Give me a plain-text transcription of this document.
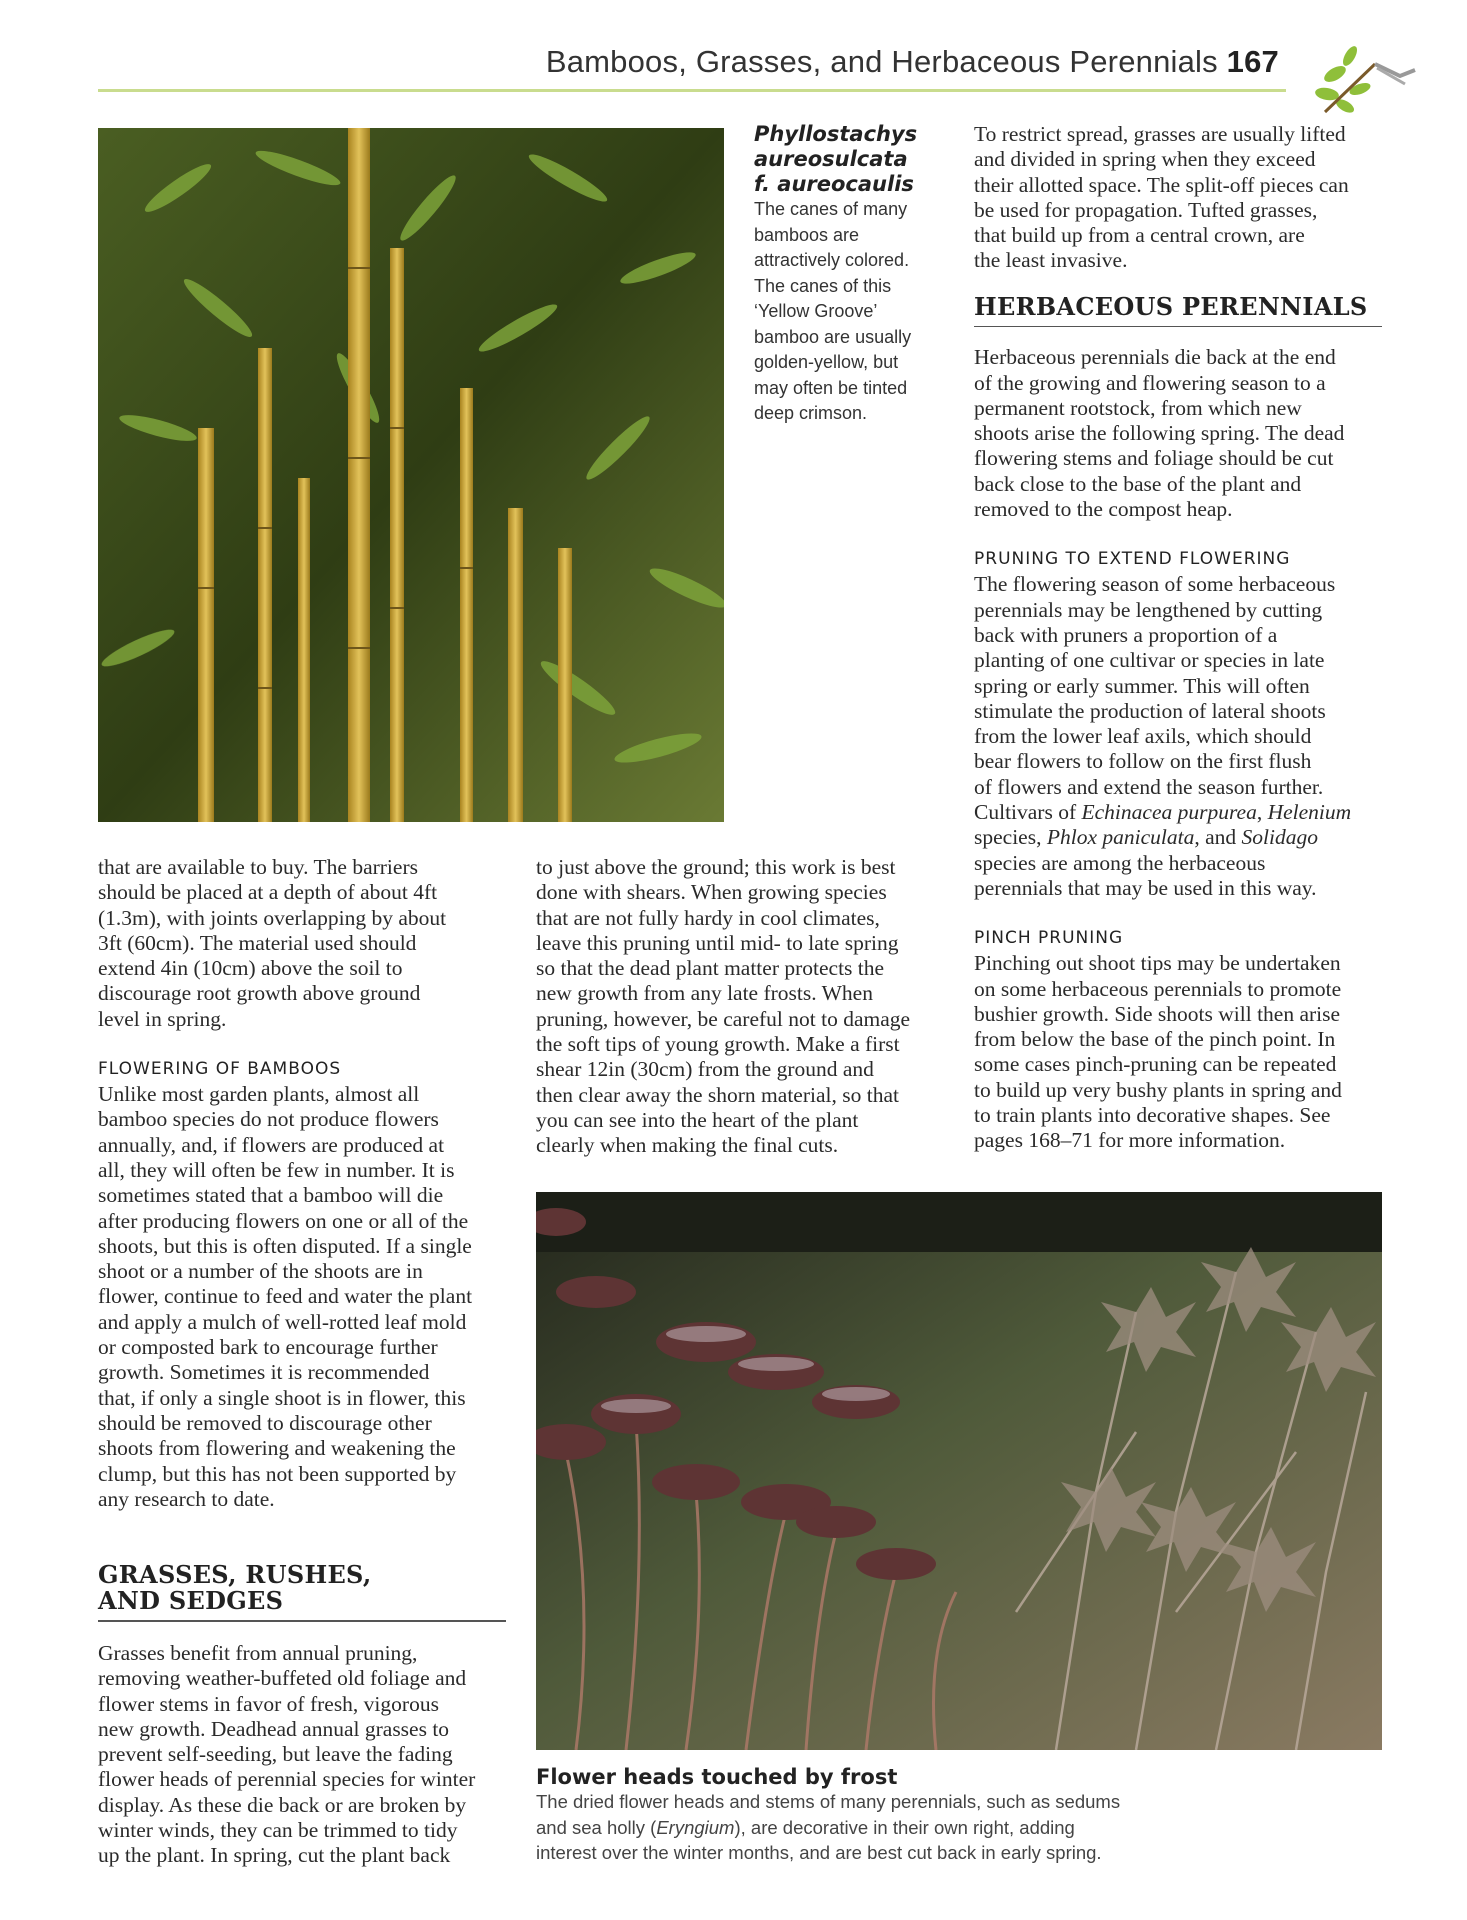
Bamboos, Grasses, and Herbaceous Perennials 167
Phyllostachys
aureosulcata
f. aureocaulis
The canes of many
bamboos are
attractively colored.
The canes of this
‘Yellow Groove’
bamboo are usually
golden-yellow, but
may often be tinted
deep crimson.
that are available to buy. The barriers
should be placed at a depth of about 4ft
(1.3m), with joints overlapping by about
3ft (60cm). The material used should
extend 4in (10cm) above the soil to
discourage root growth above ground
level in spring.
FLOWERING OF BAMBOOS
Unlike most garden plants, almost all
bamboo species do not produce flowers
annually, and, if flowers are produced at
all, they will often be few in number. It is
sometimes stated that a bamboo will die
after producing flowers on one or all of the
shoots, but this is often disputed. If a single
shoot or a number of the shoots are in
flower, continue to feed and water the plant
and apply a mulch of well-rotted leaf mold
or composted bark to encourage further
growth. Sometimes it is recommended
that, if only a single shoot is in flower, this
should be removed to discourage other
shoots from flowering and weakening the
clump, but this has not been supported by
any research to date.
GRASSES, RUSHES,
AND SEDGES
Grasses benefit from annual pruning,
removing weather-buffeted old foliage and
flower stems in favor of fresh, vigorous
new growth. Deadhead annual grasses to
prevent self-seeding, but leave the fading
flower heads of perennial species for winter
display. As these die back or are broken by
winter winds, they can be trimmed to tidy
up the plant. In spring, cut the plant back
to just above the ground; this work is best
done with shears. When growing species
that are not fully hardy in cool climates,
leave this pruning until mid- to late spring
so that the dead plant matter protects the
new growth from any late frosts. When
pruning, however, be careful not to damage
the soft tips of young growth. Make a first
shear 12in (30cm) from the ground and
then clear away the shorn material, so that
you can see into the heart of the plant
clearly when making the final cuts.
To restrict spread, grasses are usually lifted
and divided in spring when they exceed
their allotted space. The split-off pieces can
be used for propagation. Tufted grasses,
that build up from a central crown, are
the least invasive.
HERBACEOUS PERENNIALS
Herbaceous perennials die back at the end
of the growing and flowering season to a
permanent rootstock, from which new
shoots arise the following spring. The dead
flowering stems and foliage should be cut
back close to the base of the plant and
removed to the compost heap.
PRUNING TO EXTEND FLOWERING
The flowering season of some herbaceous
perennials may be lengthened by cutting
back with pruners a proportion of a
planting of one cultivar or species in late
spring or early summer. This will often
stimulate the production of lateral shoots
from the lower leaf axils, which should
bear flowers to follow on the first flush
of flowers and extend the season further.
Cultivars of Echinacea purpurea, Helenium
species, Phlox paniculata, and Solidago
species are among the herbaceous
perennials that may be used in this way.
PINCH PRUNING
Pinching out shoot tips may be undertaken
on some herbaceous perennials to promote
bushier growth. Side shoots will then arise
from below the base of the pinch point. In
some cases pinch-pruning can be repeated
to build up very bushy plants in spring and
to train plants into decorative shapes. See
pages 168–71 for more information.
Flower heads touched by frost
The dried flower heads and stems of many perennials, such as sedums
and sea holly (Eryngium), are decorative in their own right, adding
interest over the winter months, and are best cut back in early spring.
